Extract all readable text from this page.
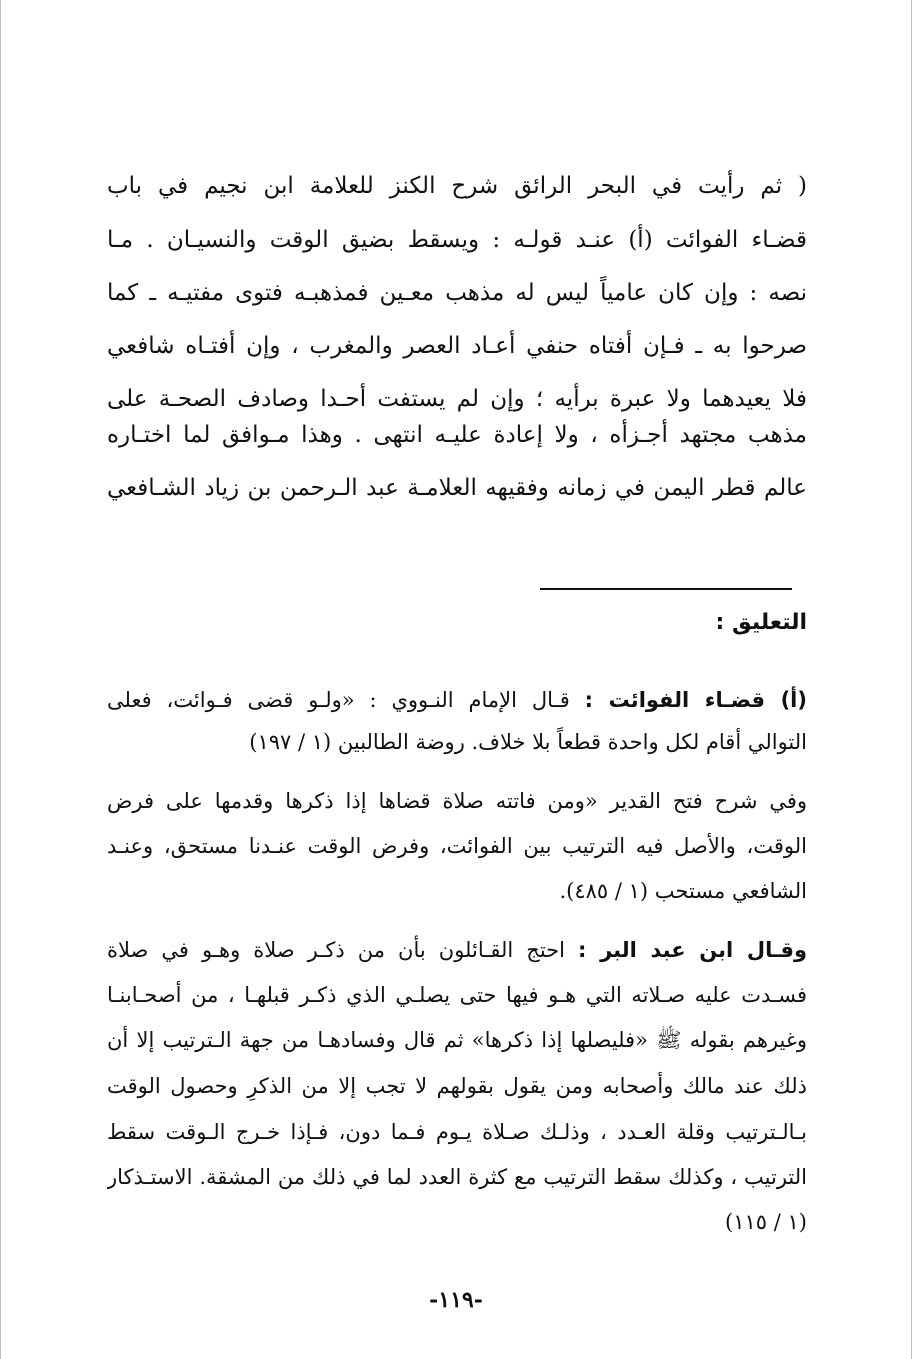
( ثم رأيت في البحر الرائق شرح الكنز للعلامة ابن نجيم في باب
قضـاء الفوائت (أ) عنـد قولـه : ويسقط بضيق الوقت والنسيـان . مـا
نصه : وإن كان عامياً ليس له مذهب معـين فمذهبـه فتوى مفتيـه ـ كما
صرحوا به ـ فـإن أفتاه حنفي أعـاد العصر والمغرب ، وإن أفتـاه شافعي
فلا يعيدهما ولا عبرة برأيه ؛ وإن لم يستفت أحـدا وصادف الصحـة على
مذهب مجتهد أجـزأه ، ولا إعادة عليـه انتهى . وهذا مـوافق لما اختـاره
عالم قطر اليمن في زمانه وفقيهه العلامـة عبد الـرحمن بن زياد الشـافعي
التعليق :
(أ) قضـاء الفوائت : قـال الإمام النـووي : «ولـو قضى فـوائت، فعلى
التوالي أقام لكل واحدة قطعاً بلا خلاف. روضة الطالبين (١ / ١٩٧)
وفي شرح فتح القدير «ومن فاتته صلاة قضاها إذا ذكرها وقدمها على فرض
الوقت، والأصل فيه الترتيب بين الفوائت، وفرض الوقت عنـدنا مستحق، وعنـد
الشافعي مستحب (١ / ٤٨٥).
وقـال ابن عبد البر : احتج القـائلون بأن من ذكـر صلاة وهـو في صلاة
فسـدت عليه صـلاته التي هـو فيها حتى يصلـي الذي ذكـر قبلهـا ، من أصحـابنـا
وغيرهم بقوله ﷺ «فليصلها إذا ذكرها» ثم قال وفسادهـا من جهة الـترتيب إلا أن
ذلك عند مالك وأصحابه ومن يقول بقولهم لا تجب إلا من الذكرِ وحصول الوقت
بـالـترتيب وقلة العـدد ، وذلـك صـلاة يـوم فـما دون، فـإذا خـرج الـوقت سقط
الترتيب ، وكذلك سقط الترتيب مع كثرة العدد لما في ذلك من المشقة. الاستـذكار
(١ / ١١٥)
-١١٩-
